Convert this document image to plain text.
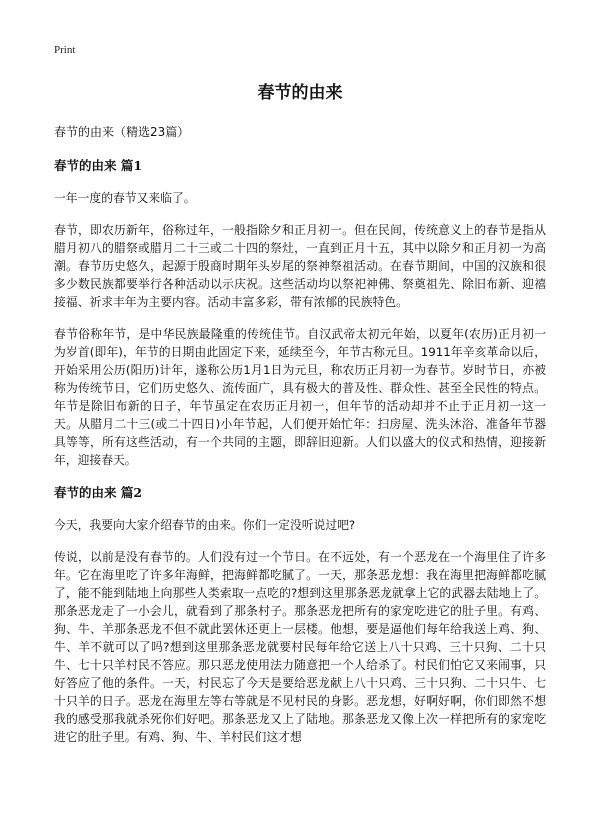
Print
春节的由来
春节的由来（精选23篇）
春节的由来 篇1

一年一度的春节又来临了。

春节，即农历新年，俗称过年，一般指除夕和正月初一。但在民间，传统意义上的春节是指从腊月初八的腊祭或腊月二十三或二十四的祭灶，一直到正月十五，其中以除夕和正月初一为高潮。春节历史悠久，起源于殷商时期年头岁尾的祭神祭祖活动。在春节期间，中国的汉族和很多少数民族都要举行各种活动以示庆祝。这些活动均以祭祀神佛、祭奠祖先、除旧布新、迎禧接福、祈求丰年为主要内容。活动丰富多彩，带有浓郁的民族特色。

春节俗称年节，是中华民族最隆重的传统佳节。自汉武帝太初元年始，以夏年(农历)正月初一为岁首(即年)，年节的日期由此固定下来，延续至今，年节古称元旦。1911年辛亥革命以后，开始采用公历(阳历)计年，遂称公历1月1日为元旦，称农历正月初一为春节。岁时节日，亦被称为传统节日，它们历史悠久、流传面广，具有极大的普及性、群众性、甚至全民性的特点。年节是除旧布新的日子，年节虽定在农历正月初一，但年节的活动却并不止于正月初一这一天。从腊月二十三(或二十四日)小年节起，人们便开始忙年：扫房屋、洗头沐浴、准备年节器具等等，所有这些活动，有一个共同的主题，即辞旧迎新。人们以盛大的仪式和热情，迎接新年，迎接春天。

春节的由来 篇2

今天，我要向大家介绍春节的由来。你们一定没听说过吧?

传说，以前是没有春节的。人们没有过一个节日。在不远处，有一个恶龙在一个海里住了许多年。它在海里吃了许多年海鲜，把海鲜都吃腻了。一天，那条恶龙想：我在海里把海鲜都吃腻了，能不能到陆地上向那些人类索取一点吃的?想到这里那条恶龙就拿上它的武器去陆地上了。那条恶龙走了一小会儿，就看到了那条村子。那条恶龙把所有的家宠吃进它的肚子里。有鸡、狗、牛、羊那条恶龙不但不就此罢休还更上一层楼。他想，要是逼他们每年给我送上鸡、狗、牛、羊不就可以了吗?想到这里那条恶龙就要村民每年给它送上八十只鸡、三十只狗、二十只牛、七十只羊村民不答应。那只恶龙使用法力随意把一个人给杀了。村民们怕它又来闹事，只好答应了他的条件。一天，村民忘了今天是要给恶龙献上八十只鸡、三十只狗、二十只牛、七十只羊的日子。恶龙在海里左等右等就是不见村民的身影。恶龙想，好啊好啊，你们即然不想我的感受那我就杀死你们好吧。那条恶龙又上了陆地。那条恶龙又像上次一样把所有的家宠吃进它的肚子里。有鸡、狗、牛、羊村民们这才想
